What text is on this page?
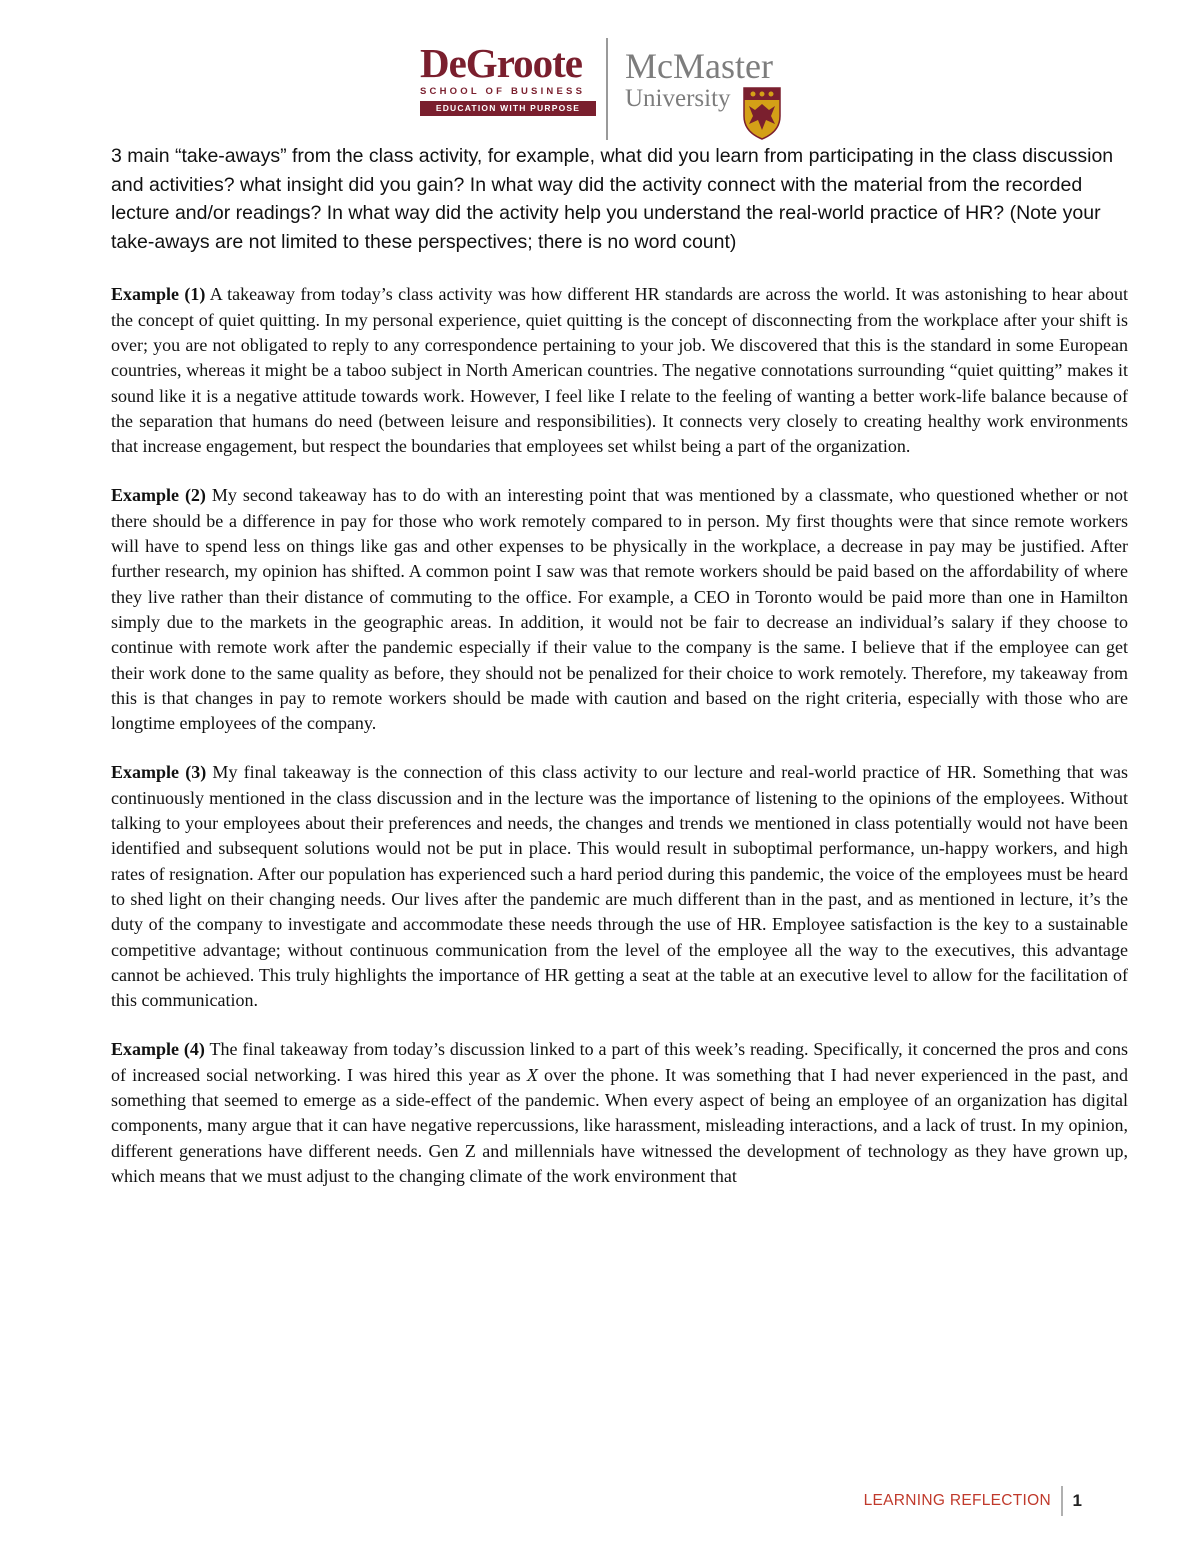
DeGroote
SCHOOL OF BUSINESS
EDUCATION WITH PURPOSE
McMaster
University

3 main “take-aways” from the class activity, for example, what did you learn from participating in the class discussion and activities? what insight did you gain? In what way did the activity connect with the material from the recorded lecture and/or readings? In what way did the activity help you understand the real-world practice of HR? (Note your take-aways are not limited to these perspectives; there is no word count)

Example (1) A takeaway from today’s class activity was how different HR standards are across the world. It was astonishing to hear about the concept of quiet quitting. In my personal experience, quiet quitting is the concept of disconnecting from the workplace after your shift is over; you are not obligated to reply to any correspondence pertaining to your job. We discovered that this is the standard in some European countries, whereas it might be a taboo subject in North American countries. The negative connotations surrounding “quiet quitting” makes it sound like it is a negative attitude towards work. However, I feel like I relate to the feeling of wanting a better work-life balance because of the separation that humans do need (between leisure and responsibilities). It connects very closely to creating healthy work environments that increase engagement, but respect the boundaries that employees set whilst being a part of the organization.

Example (2) My second takeaway has to do with an interesting point that was mentioned by a classmate, who questioned whether or not there should be a difference in pay for those who work remotely compared to in person. My first thoughts were that since remote workers will have to spend less on things like gas and other expenses to be physically in the workplace, a decrease in pay may be justified. After further research, my opinion has shifted. A common point I saw was that remote workers should be paid based on the affordability of where they live rather than their distance of commuting to the office. For example, a CEO in Toronto would be paid more than one in Hamilton simply due to the markets in the geographic areas. In addition, it would not be fair to decrease an individual’s salary if they choose to continue with remote work after the pandemic especially if their value to the company is the same. I believe that if the employee can get their work done to the same quality as before, they should not be penalized for their choice to work remotely. Therefore, my takeaway from this is that changes in pay to remote workers should be made with caution and based on the right criteria, especially with those who are longtime employees of the company.

Example (3) My final takeaway is the connection of this class activity to our lecture and real-world practice of HR. Something that was continuously mentioned in the class discussion and in the lecture was the importance of listening to the opinions of the employees. Without talking to your employees about their preferences and needs, the changes and trends we mentioned in class potentially would not have been identified and subsequent solutions would not be put in place. This would result in suboptimal performance, un-happy workers, and high rates of resignation. After our population has experienced such a hard period during this pandemic, the voice of the employees must be heard to shed light on their changing needs. Our lives after the pandemic are much different than in the past, and as mentioned in lecture, it’s the duty of the company to investigate and accommodate these needs through the use of HR. Employee satisfaction is the key to a sustainable competitive advantage; without continuous communication from the level of the employee all the way to the executives, this advantage cannot be achieved. This truly highlights the importance of HR getting a seat at the table at an executive level to allow for the facilitation of this communication.

Example (4) The final takeaway from today’s discussion linked to a part of this week’s reading. Specifically, it concerned the pros and cons of increased social networking. I was hired this year as X over the phone. It was something that I had never experienced in the past, and something that seemed to emerge as a side-effect of the pandemic. When every aspect of being an employee of an organization has digital components, many argue that it can have negative repercussions, like harassment, misleading interactions, and a lack of trust. In my opinion, different generations have different needs. Gen Z and millennials have witnessed the development of technology as they have grown up, which means that we must adjust to the changing climate of the work environment that

LEARNING REFLECTION 1
